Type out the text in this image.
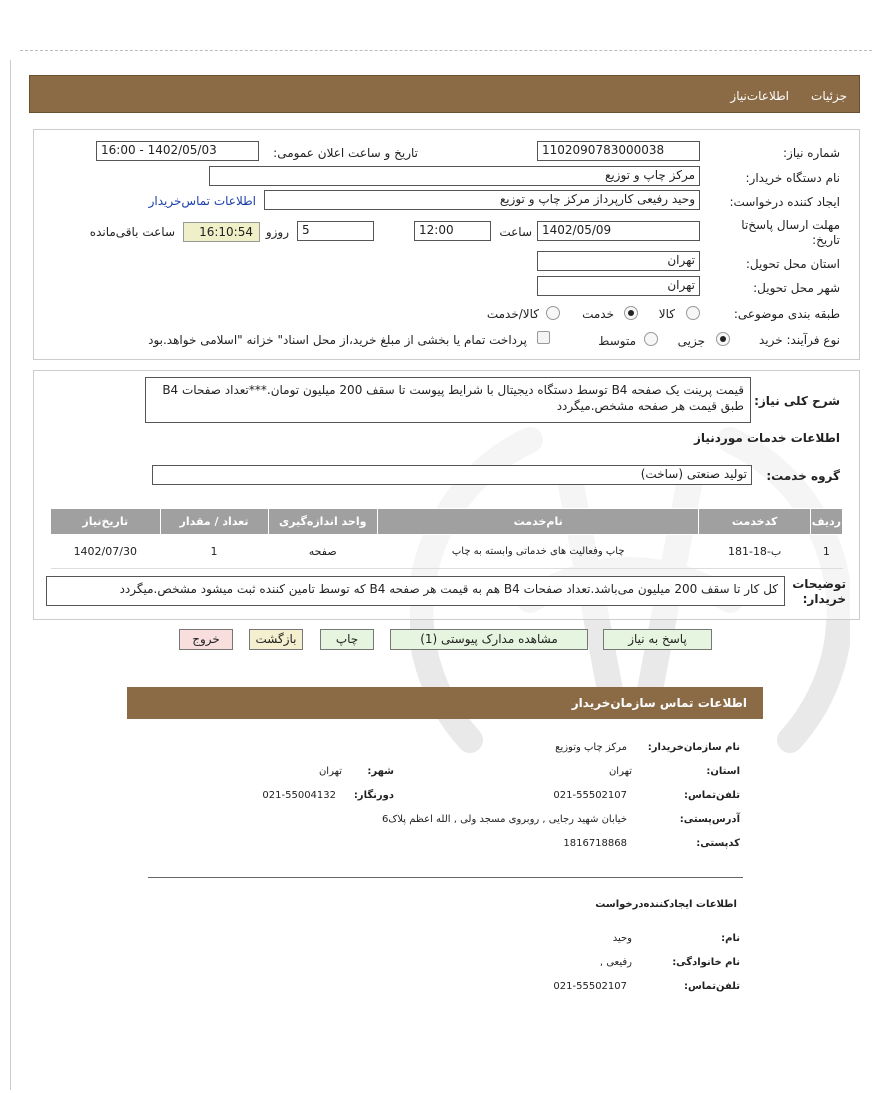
جزئیات
اطلاعات‌نیاز
شماره نیاز:
1102090783000038
تاریخ و ساعت اعلان عمومی:
1402/05/03 - 16:00
نام دستگاه خریدار:
مرکز چاپ و توزیع
ایجاد کننده درخواست:
وحید رفیعی کارپرداز مرکز چاپ و توزیع
اطلاعات تماس‌خریدار
مهلت ارسال پاسخ‌تا تاریخ:
1402/05/09
ساعت
12:00
5
روزو
16:10:54
ساعت باقی‌مانده
استان محل تحویل:
تهران
شهر محل تحویل:
تهران
طبقه بندی موضوعی:
کالا
خدمت
کالا/خدمت
نوع فرآیند: خرید
جزیی
متوسط
پرداخت تمام یا بخشی از مبلغ خرید،از محل اسناد" خزانه "اسلامی خواهد.بود
شرح کلی نیاز:
قیمت پرینت یک صفحه B4 توسط دستگاه دیجیتال با شرایط پیوست تا سقف 200 میلیون تومان.***تعداد صفحات B4 طبق قیمت هر صفحه مشخص.میگردد
اطلاعات خدمات موردنیاز
گروه خدمت:
تولید صنعتی (ساخت)
ردیف	کدخدمت	نام‌خدمت	واحد اندازه‌گیری	تعداد / مقدار	تاریخ‌نیاز
1	ب-18-181	چاپ وفعالیت های خدماتی وابسته به چاپ	صفحه	1	1402/07/30
توضیحات خریدار:
کل کار تا سقف 200 میلیون می‌باشد.تعداد صفحات B4 هم به قیمت هر صفحه B4 که توسط تامین کننده ثبت میشود مشخص.میگردد
پاسخ به نیاز
مشاهده مدارک پیوستی (1)
چاپ
بازگشت
خروج
اطلاعات تماس سازمان‌خریدار
نام سازمان‌خریدار:
مرکز چاپ وتوزیع
استان:
تهران
شهر:
تهران
تلفن‌تماس:
021-55502107
دورنگار:
021-55004132
آدرس‌پستی:
خیابان شهید رجایی , روبروی مسجد ولی , الله اعظم پلاک6
کدپستی:
1816718868
اطلاعات ایجادکننده‌درخواست
نام:
وحید
نام خانوادگی:
رفیعی ,
تلفن‌تماس:
021-55502107
